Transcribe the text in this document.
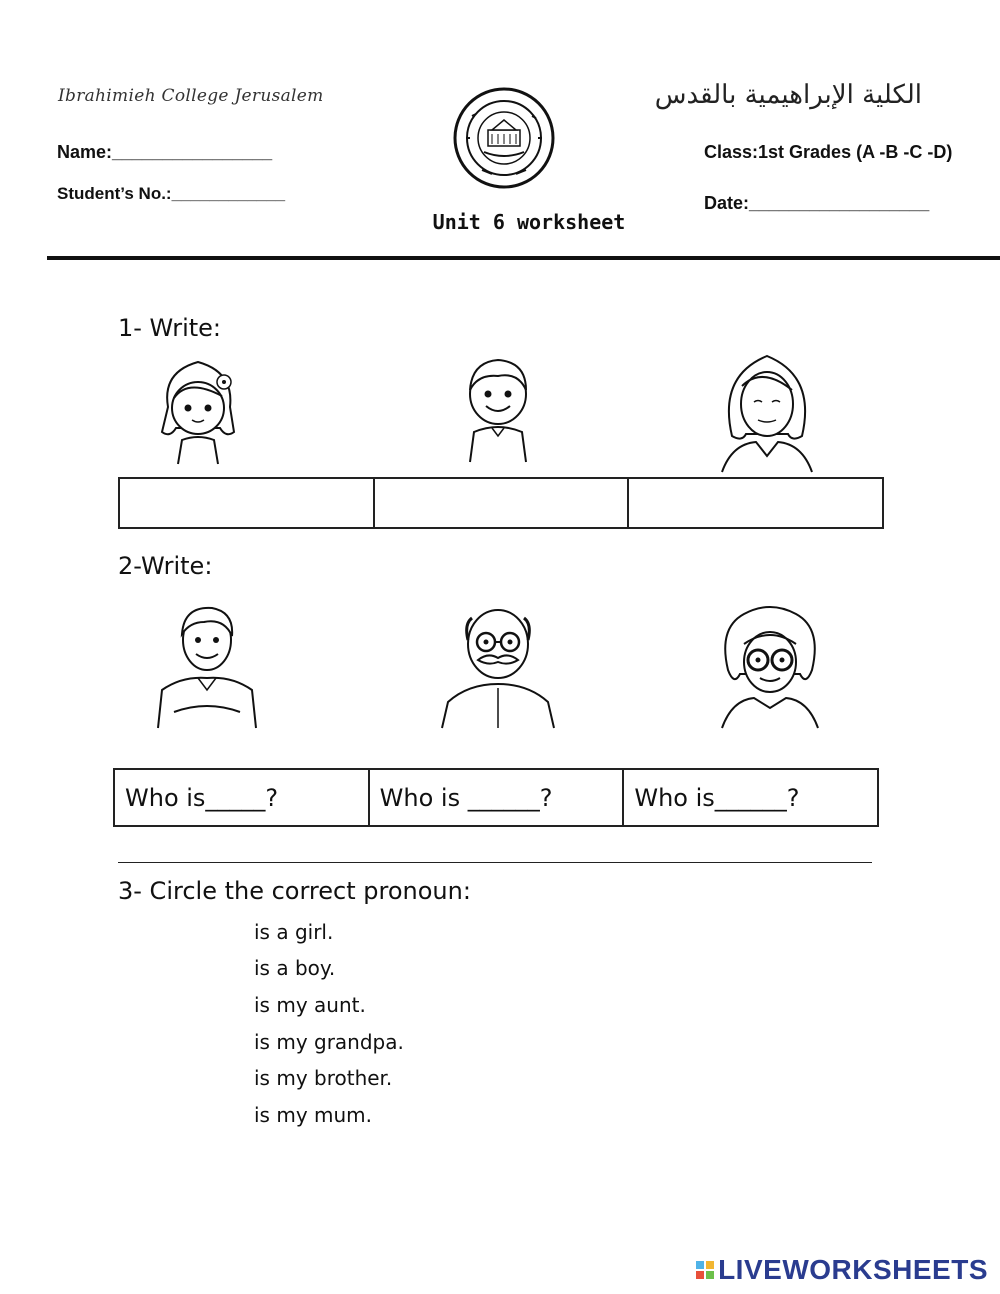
Ibrahimieh College Jerusalem	الكلية الإبراهيمية بالقدس
Name:________________
Student’s No.:____________
Class:1st Grades (A -B -C -D)
Date:__________________
Unit 6 worksheet
1- Write:
2-Write:
Who is_____?	Who is ______?	Who is______?
3- Circle the correct pronoun:
is a girl.
is a boy.
is my aunt.
is my grandpa.
is my brother.
is my mum.
LIVEWORKSHEETS
